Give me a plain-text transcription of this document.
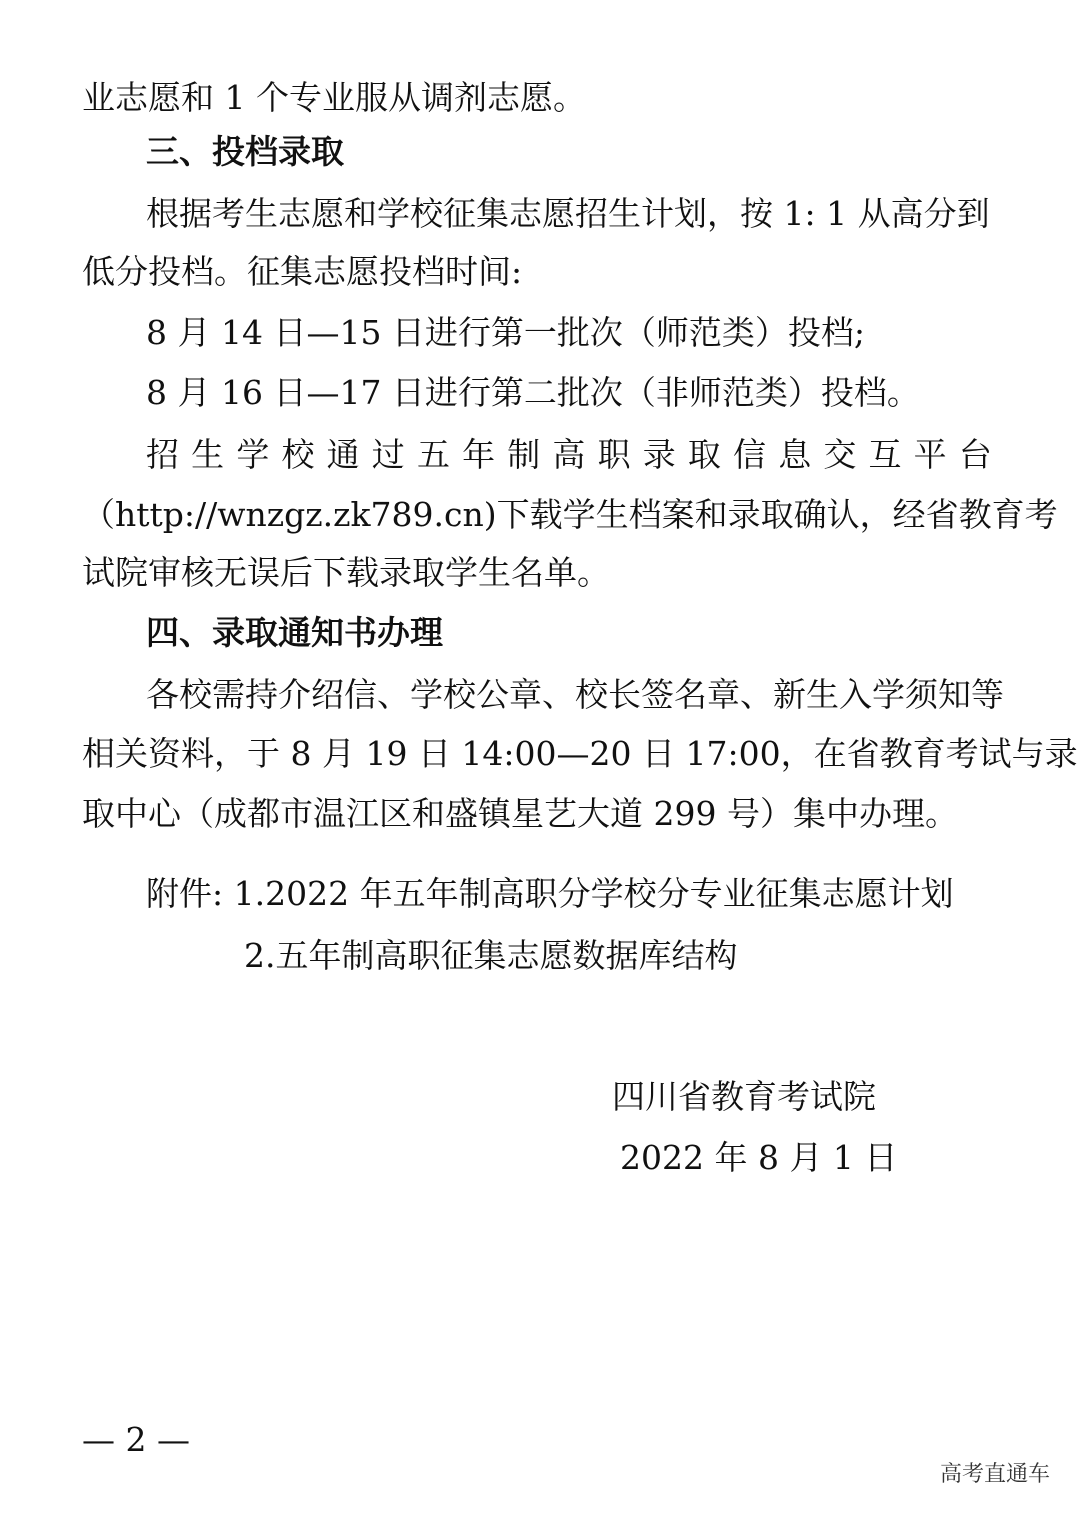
业志愿和 1 个专业服从调剂志愿。
三、投档录取
根据考生志愿和学校征集志愿招生计划，按 1: 1 从高分到
低分投档。征集志愿投档时间:
8 月 14 日—15 日进行第一批次（师范类）投档;
8 月 16 日—17 日进行第二批次（非师范类）投档。
招 生 学 校 通 过 五 年 制 高 职 录 取 信 息 交 互 平 台
（http://wnzgz.zk789.cn)下载学生档案和录取确认，经省教育考
试院审核无误后下载录取学生名单。
四、录取通知书办理
各校需持介绍信、学校公章、校长签名章、新生入学须知等
相关资料，于 8 月 19 日 14:00—20 日 17:00，在省教育考试与录
取中心（成都市温江区和盛镇星艺大道 299 号）集中办理。
附件: 1.2022 年五年制高职分学校分专业征集志愿计划
2.五年制高职征集志愿数据库结构
四川省教育考试院
2022 年 8 月 1 日
— 2 —
高考直通车
